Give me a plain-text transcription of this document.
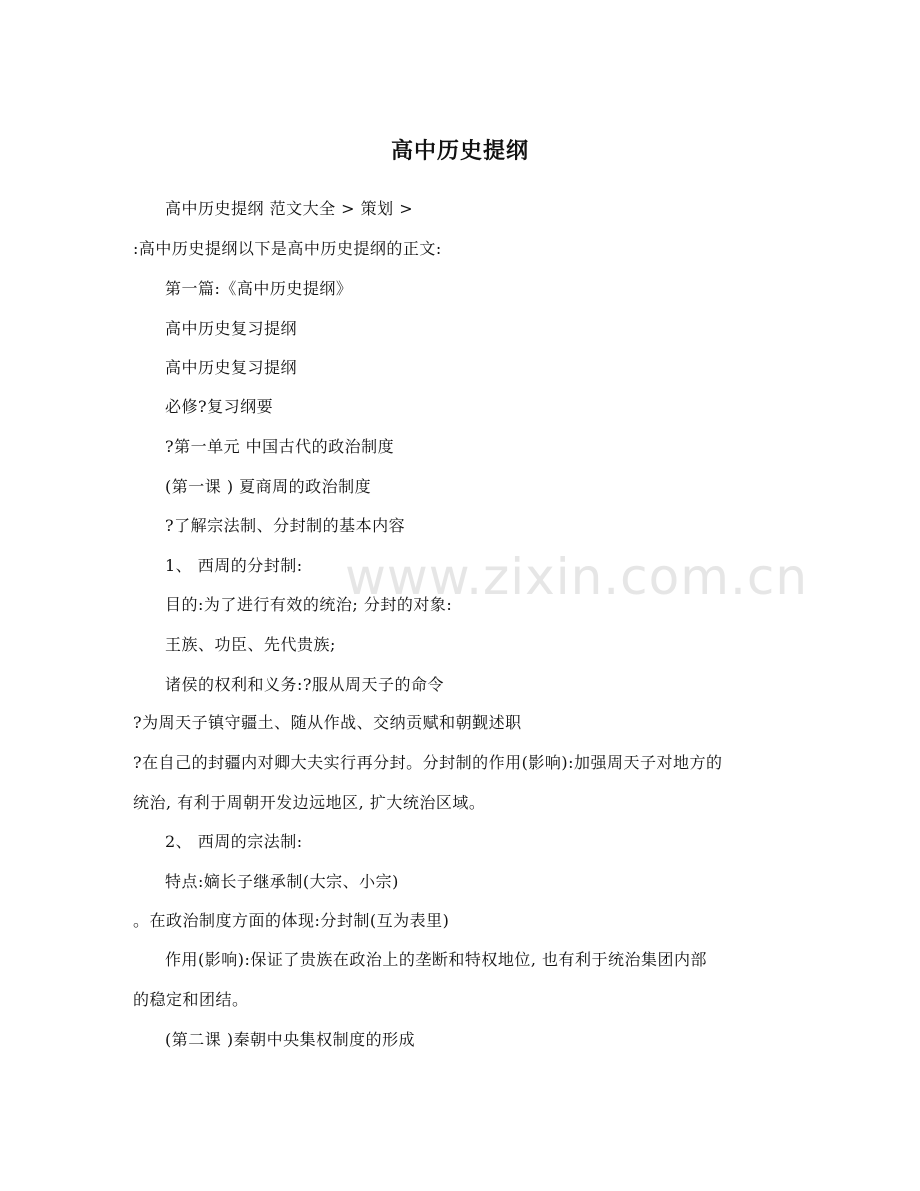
www.zixin.com.cn
高中历史提纲
高中历史提纲 范文大全 > 策划 >
:高中历史提纲以下是高中历史提纲的正文:
第一篇:《高中历史提纲》
高中历史复习提纲
高中历史复习提纲
必修?复习纲要
?第一单元 中国古代的政治制度
(第一课 ) 夏商周的政治制度
?了解宗法制、分封制的基本内容
1、 西周的分封制:
目的:为了进行有效的统治; 分封的对象:
王族、功臣、先代贵族;
诸侯的权利和义务:?服从周天子的命令
?为周天子镇守疆土、随从作战、交纳贡赋和朝觐述职
?在自己的封疆内对卿大夫实行再分封。分封制的作用(影响):加强周天子对地方的
统治, 有利于周朝开发边远地区, 扩大统治区域。
2、 西周的宗法制:
特点:嫡长子继承制(大宗、小宗)
。在政治制度方面的体现:分封制(互为表里)
作用(影响):保证了贵族在政治上的垄断和特权地位, 也有利于统治集团内部
的稳定和团结。
(第二课 )秦朝中央集权制度的形成
